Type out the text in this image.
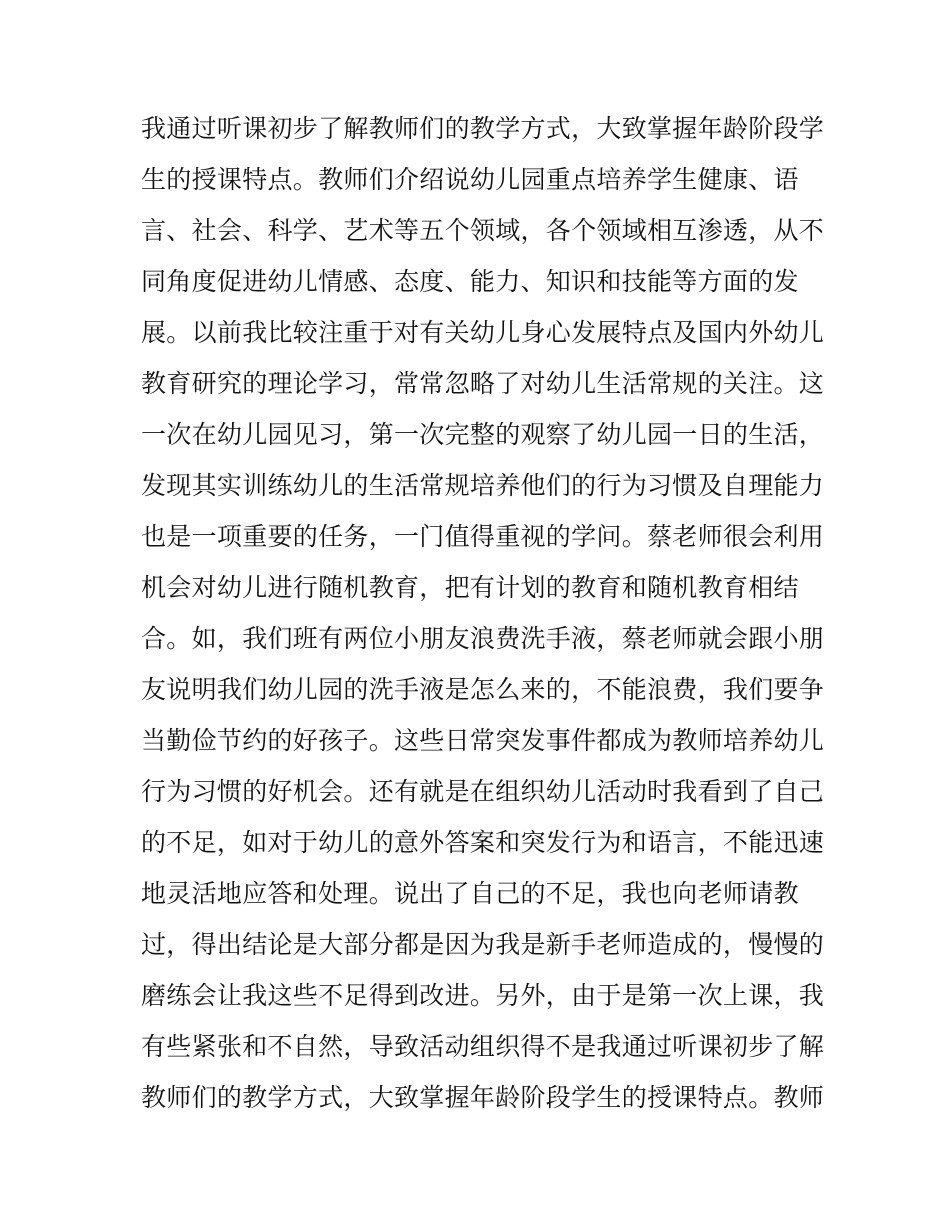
我通过听课初步了解教师们的教学方式，大致掌握年龄阶段学
生的授课特点。教师们介绍说幼儿园重点培养学生健康、语
言、社会、科学、艺术等五个领域，各个领域相互渗透，从不
同角度促进幼儿情感、态度、能力、知识和技能等方面的发
展。以前我比较注重于对有关幼儿身心发展特点及国内外幼儿
教育研究的理论学习，常常忽略了对幼儿生活常规的关注。这
一次在幼儿园见习，第一次完整的观察了幼儿园一日的生活，
发现其实训练幼儿的生活常规培养他们的行为习惯及自理能力
也是一项重要的任务，一门值得重视的学问。蔡老师很会利用
机会对幼儿进行随机教育，把有计划的教育和随机教育相结
合。如，我们班有两位小朋友浪费洗手液，蔡老师就会跟小朋
友说明我们幼儿园的洗手液是怎么来的，不能浪费，我们要争
当勤俭节约的好孩子。这些日常突发事件都成为教师培养幼儿
行为习惯的好机会。还有就是在组织幼儿活动时我看到了自己
的不足，如对于幼儿的意外答案和突发行为和语言，不能迅速
地灵活地应答和处理。说出了自己的不足，我也向老师请教
过，得出结论是大部分都是因为我是新手老师造成的，慢慢的
磨练会让我这些不足得到改进。另外，由于是第一次上课，我
有些紧张和不自然，导致活动组织得不是我通过听课初步了解
教师们的教学方式，大致掌握年龄阶段学生的授课特点。教师
